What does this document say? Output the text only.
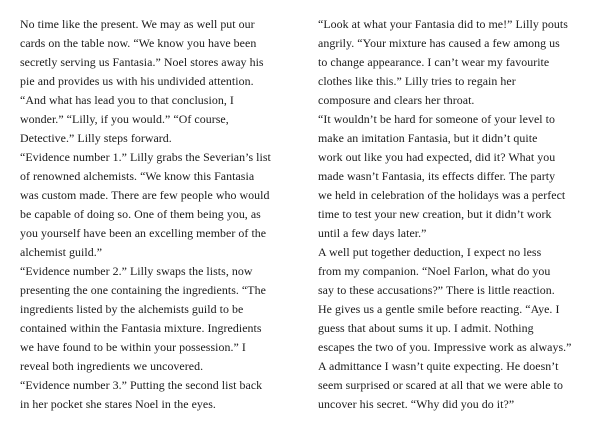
No time like the present. We may as well put our
cards on the table now. “We know you have been
secretly serving us Fantasia.” Noel stores away his
pie and provides us with his undivided attention.
“And what has lead you to that conclusion, I
wonder.” “Lilly, if you would.” “Of course,
Detective.” Lilly steps forward.
“Evidence number 1.” Lilly grabs the Severian’s list
of renowned alchemists. “We know this Fantasia
was custom made. There are few people who would
be capable of doing so. One of them being you, as
you yourself have been an excelling member of the
alchemist guild.”
“Evidence number 2.” Lilly swaps the lists, now
presenting the one containing the ingredients. “The
ingredients listed by the alchemists guild to be
contained within the Fantasia mixture. Ingredients
we have found to be within your possession.” I
reveal both ingredients we uncovered.
“Evidence number 3.” Putting the second list back
in her pocket she stares Noel in the eyes.
“Look at what your Fantasia did to me!” Lilly pouts
angrily. “Your mixture has caused a few among us
to change appearance. I can’t wear my favourite
clothes like this.” Lilly tries to regain her
composure and clears her throat.
“It wouldn’t be hard for someone of your level to
make an imitation Fantasia, but it didn’t quite
work out like you had expected, did it? What you
made wasn’t Fantasia, its effects differ. The party
we held in celebration of the holidays was a perfect
time to test your new creation, but it didn’t work
until a few days later.”
A well put together deduction, I expect no less
from my companion. “Noel Farlon, what do you
say to these accusations?” There is little reaction.
He gives us a gentle smile before reacting. “Aye. I
guess that about sums it up. I admit. Nothing
escapes the two of you. Impressive work as always.”
A admittance I wasn’t quite expecting. He doesn’t
seem surprised or scared at all that we were able to
uncover his secret. “Why did you do it?”
